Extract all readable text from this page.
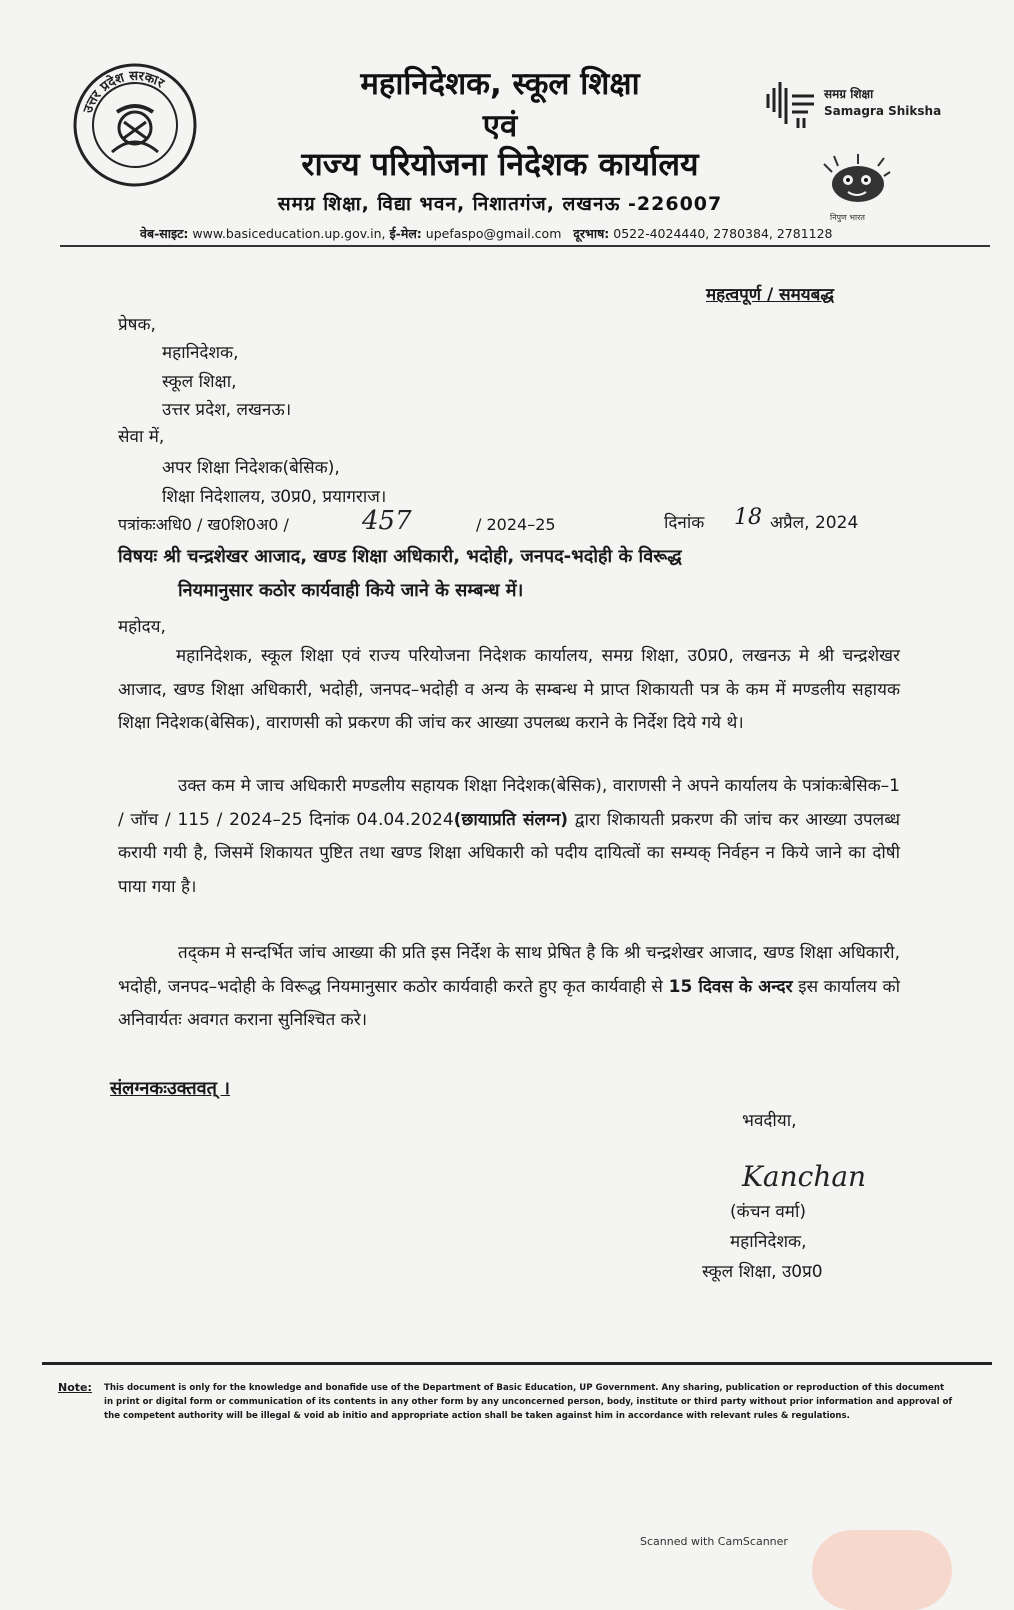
उत्तर प्रदेश सरकार	महानिदेशक, स्कूल शिक्षा
एवं
राज्य परियोजना निदेशक कार्यालय
समग्र शिक्षा, विद्या भवन, निशातगंज, लखनऊ -226007
वेब-साइट: www.basiceducation.up.gov.in, ई-मेल: upefaspo@gmail.com दूरभाष: 0522-4024440, 2780384, 2781128
समग्र शिक्षा
Samagra Shiksha
निपुण भारत
महत्वपूर्ण / समयबद्ध
प्रेषक,
महानिदेशक,
स्कूल शिक्षा,
उत्तर प्रदेश, लखनऊ।
सेवा में,
अपर शिक्षा निदेशक(बेसिक),
शिक्षा निदेशालय, उ0प्र0, प्रयागराज।
पत्रांकःअधि0 / ख0शि0अ0 /	457	/ 2024–25	दिनांक 18 अप्रैल, 2024
विषयः श्री चन्द्रशेखर आजाद, खण्ड शिक्षा अधिकारी, भदोही, जनपद-भदोही के विरूद्ध
नियमानुसार कठोर कार्यवाही किये जाने के सम्बन्ध में।
महोदय,
महानिदेशक, स्कूल शिक्षा एवं राज्य परियोजना निदेशक कार्यालय, समग्र शिक्षा, उ0प्र0, लखनऊ मे श्री चन्द्रशेखर आजाद, खण्ड शिक्षा अधिकारी, भदोही, जनपद–भदोही व अन्य के सम्बन्ध मे प्राप्त शिकायती पत्र के कम में मण्डलीय सहायक शिक्षा निदेशक(बेसिक), वाराणसी को प्रकरण की जांच कर आख्या उपलब्ध कराने के निर्देश दिये गये थे।
उक्त कम मे जाच अधिकारी मण्डलीय सहायक शिक्षा निदेशक(बेसिक), वाराणसी ने अपने कार्यालय के पत्रांकःबेसिक–1 / जॉच / 115 / 2024–25 दिनांक 04.04.2024(छायाप्रति संलग्न) द्वारा शिकायती प्रकरण की जांच कर आख्या उपलब्ध करायी गयी है, जिसमें शिकायत पुष्टित तथा खण्ड शिक्षा अधिकारी को पदीय दायित्वों का सम्यक् निर्वहन न किये जाने का दोषी पाया गया है।
तद्कम मे सन्दर्भित जांच आख्या की प्रति इस निर्देश के साथ प्रेषित है कि श्री चन्द्रशेखर आजाद, खण्ड शिक्षा अधिकारी, भदोही, जनपद–भदोही के विरूद्ध नियमानुसार कठोर कार्यवाही करते हुए कृत कार्यवाही से 15 दिवस के अन्दर इस कार्यालय को अनिवार्यतः अवगत कराना सुनिश्चित करे।
संलग्नकःउक्तवत् ।
भवदीया,
Kanchan
(कंचन वर्मा)
महानिदेशक,
स्कूल शिक्षा, उ0प्र0
Note: This document is only for the knowledge and bonafide use of the Department of Basic Education, UP Government. Any sharing, publication or reproduction of this document in print or digital form or communication of its contents in any other form by any unconcerned person, body, institute or third party without prior information and approval of the competent authority will be illegal & void ab initio and appropriate action shall be taken against him in accordance with relevant rules & regulations.
Scanned with CamScanner
